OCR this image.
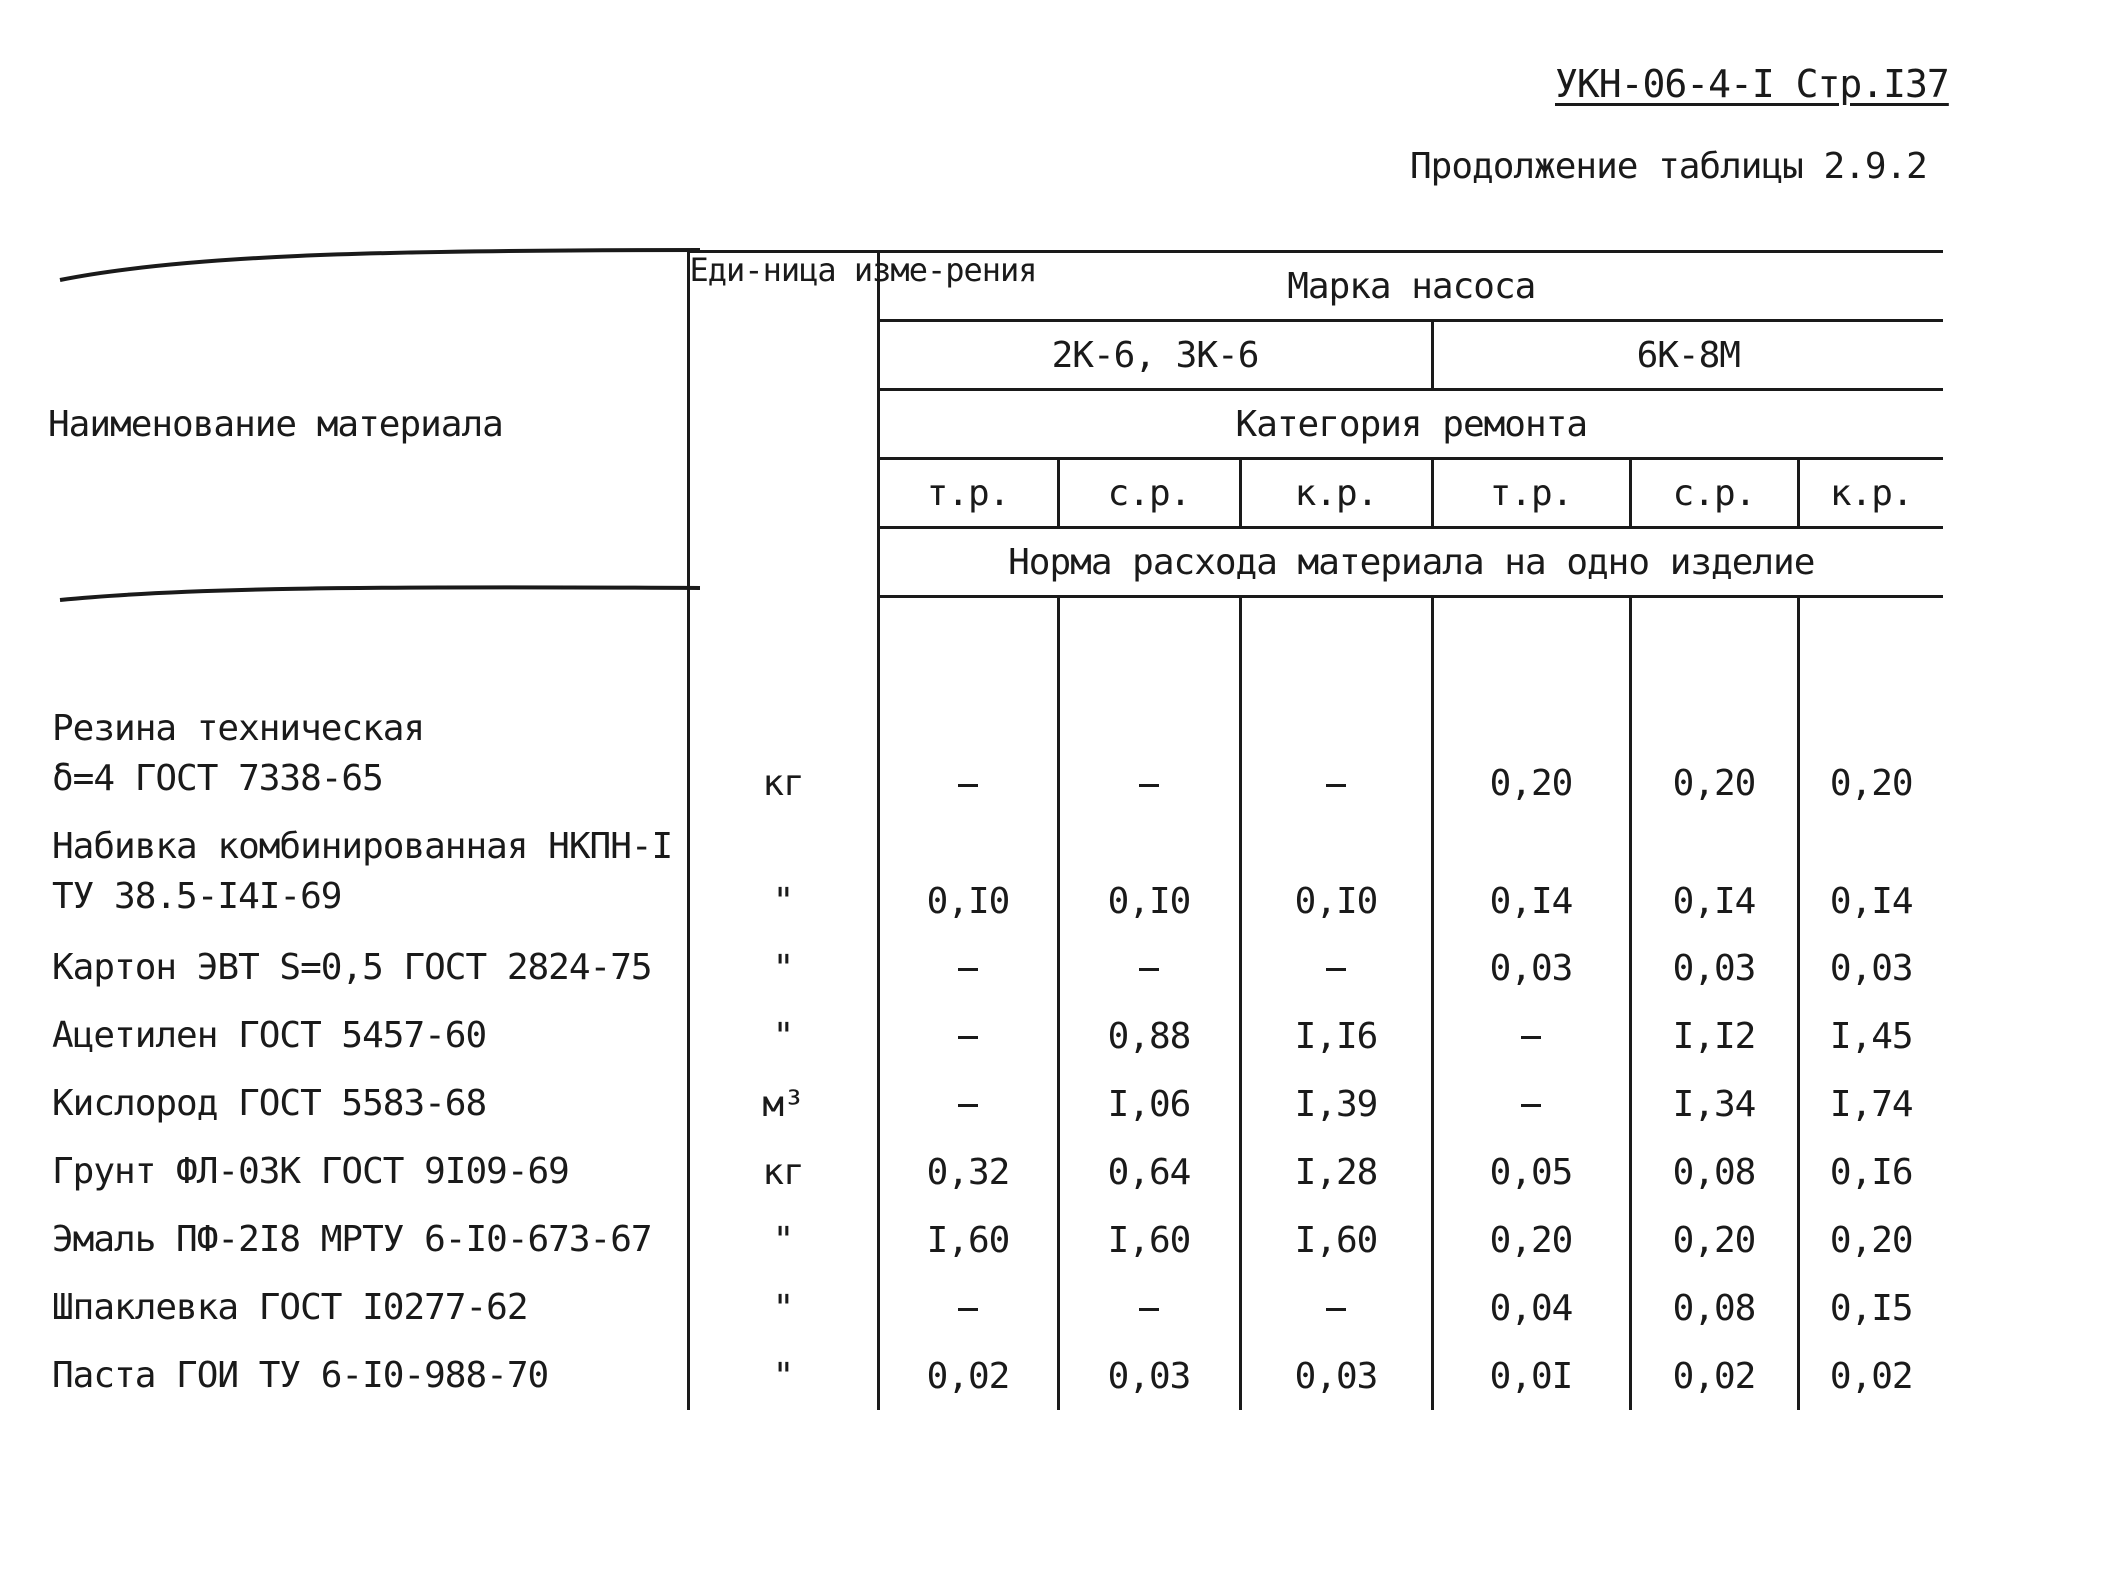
УКН-06-4-I Стр.I37
Продолжение таблицы 2.9.2
Наименование материала	Еди-ница изме-рения	Марка насоса					
		2К-6, 3К-6			6К-8М		
		Категория ремонта					
		т.р.	с.р.	к.р.	т.р.	с.р.	к.р.
		Норма расхода материала на одно изделие					

Резина техническая
δ=4 ГОСТ 7338-65	кг				0,20	0,20	0,20

Набивка комбинированная НКПН-I
ТУ 38.5-I4I-69	"	0,I0	0,I0	0,I0	0,I4	0,I4	0,I4

Картон ЭВТ S=0,5 ГОСТ 2824-75	"				0,03	0,03	0,03

Ацетилен ГОСТ 5457-60	"		0,88	I,I6		I,I2	I,45

Кислород ГОСТ 5583-68	м³		I,06	I,39		I,34	I,74

Грунт ФЛ-03К ГОСТ 9I09-69	кг	0,32	0,64	I,28	0,05	0,08	0,I6

Эмаль ПФ-2I8 МРТУ 6-I0-673-67	"	I,60	I,60	I,60	0,20	0,20	0,20

Шпаклевка ГОСТ I0277-62	"				0,04	0,08	0,I5

Паста ГОИ ТУ 6-I0-988-70	"	0,02	0,03	0,03	0,0I	0,02	0,02
